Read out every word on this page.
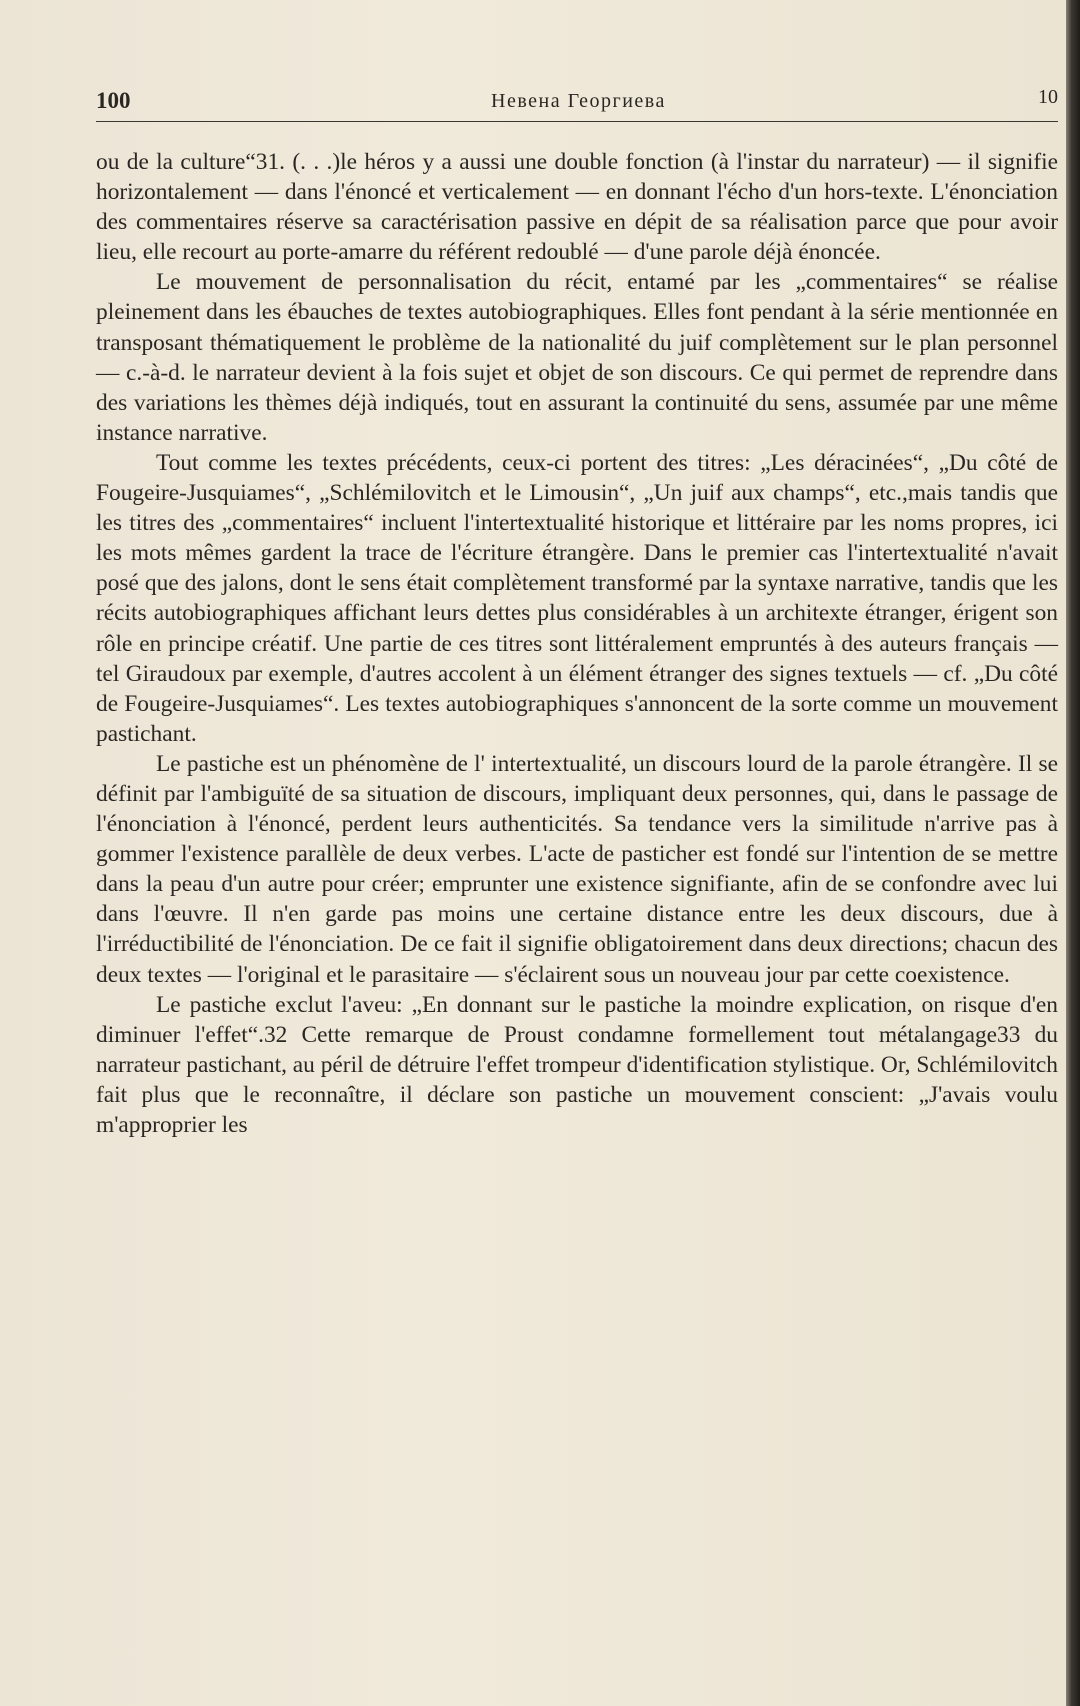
100	Невена Георгиева	10

ou de la culture“31. (. . .)le héros y a aussi une double fonction (à l'instar du narrateur) — il signifie horizontalement — dans l'énoncé et verticalement — en donnant l'écho d'un hors-texte. L'énonciation des commentaires réserve sa caractérisation passive en dépit de sa réalisation parce que pour avoir lieu, elle recourt au porte-amarre du référent redoublé — d'une parole déjà énoncée.

Le mouvement de personnalisation du récit, entamé par les „commentaires“ se réalise pleinement dans les ébauches de textes autobiographiques. Elles font pendant à la série mentionnée en transposant thématiquement le problème de la nationalité du juif complètement sur le plan personnel — c.-à-d. le narrateur devient à la fois sujet et objet de son discours. Ce qui permet de reprendre dans des variations les thèmes déjà indiqués, tout en assurant la continuité du sens, assumée par une même instance narrative.

Tout comme les textes précédents, ceux-ci portent des titres: „Les déracinées“, „Du côté de Fougeire-Jusquiames“, „Schlémilovitch et le Limousin“, „Un juif aux champs“, etc.,mais tandis que les titres des „commentaires“ incluent l'intertextualité historique et littéraire par les noms propres, ici les mots mêmes gardent la trace de l'écriture étrangère. Dans le premier cas l'intertextualité n'avait posé que des jalons, dont le sens était complètement transformé par la syntaxe narrative, tandis que les récits autobiographiques affichant leurs dettes plus considérables à un architexte étranger, érigent son rôle en principe créatif. Une partie de ces titres sont littéralement empruntés à des auteurs français — tel Giraudoux par exemple, d'autres accolent à un élément étranger des signes textuels — cf. „Du côté de Fougeire-Jusquiames“. Les textes autobiographiques s'annoncent de la sorte comme un mouvement pastichant.

Le pastiche est un phénomène de l' intertextualité, un discours lourd de la parole étrangère. Il se définit par l'ambiguïté de sa situation de discours, impliquant deux personnes, qui, dans le passage de l'énonciation à l'énoncé, perdent leurs authenticités. Sa tendance vers la similitude n'arrive pas à gommer l'existence parallèle de deux verbes. L'acte de pasticher est fondé sur l'intention de se mettre dans la peau d'un autre pour créer; emprunter une existence signifiante, afin de se confondre avec lui dans l'œuvre. Il n'en garde pas moins une certaine distance entre les deux discours, due à l'irréductibilité de l'énonciation. De ce fait il signifie obligatoirement dans deux directions; chacun des deux textes — l'original et le parasitaire — s'éclairent sous un nouveau jour par cette coexistence.

Le pastiche exclut l'aveu: „En donnant sur le pastiche la moindre explication, on risque d'en diminuer l'effet“.32 Cette remarque de Proust condamne formellement tout métalangage33 du narrateur pastichant, au péril de détruire l'effet trompeur d'identification stylistique. Or, Schlémilovitch fait plus que le reconnaître, il déclare son pastiche un mouvement conscient: „J'avais voulu m'approprier les
